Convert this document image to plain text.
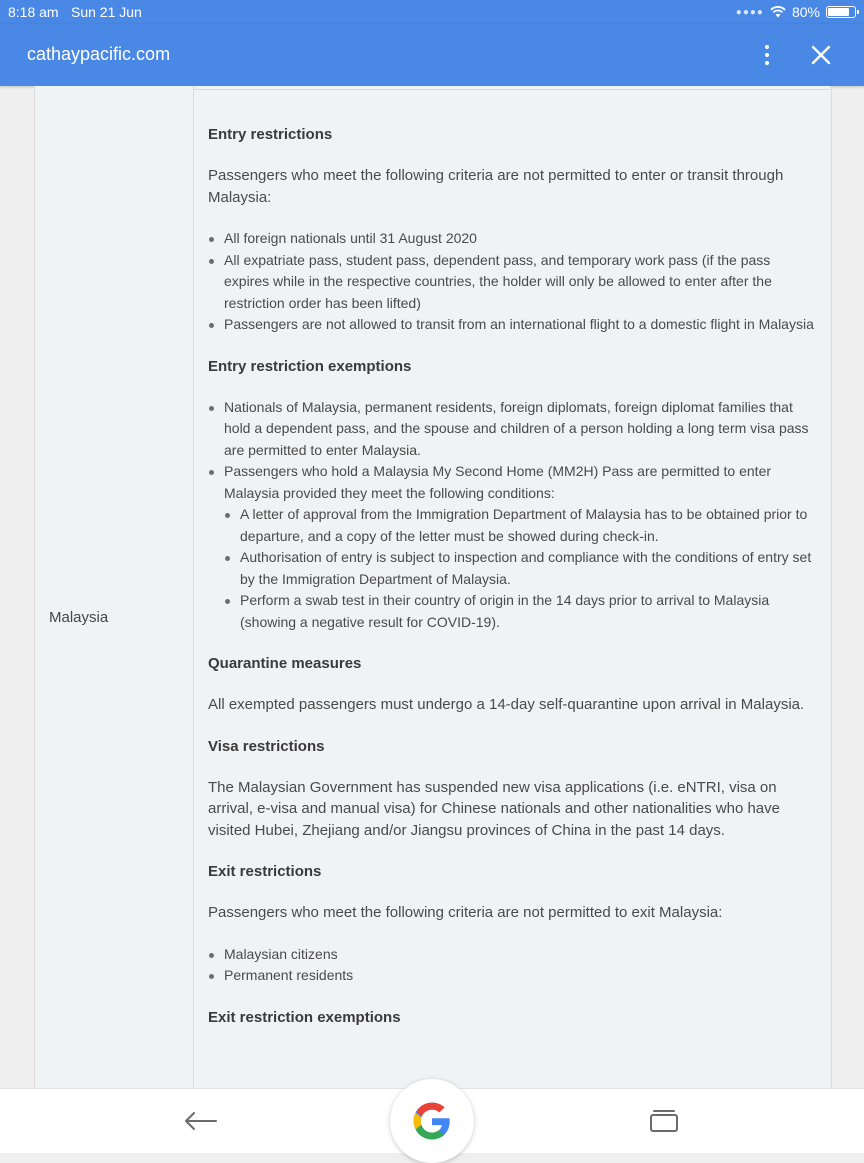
8:18 am Sun 21 Jun	●●●● 80%
cathaypacific.com
Malaysia
Entry restrictions

Passengers who meet the following criteria are not permitted to enter or transit through Malaysia:

All foreign nationals until 31 August 2020
All expatriate pass, student pass, dependent pass, and temporary work pass (if the pass expires while in the respective countries, the holder will only be allowed to enter after the restriction order has been lifted)
Passengers are not allowed to transit from an international flight to a domestic flight in Malaysia
Entry restriction exemptions
Nationals of Malaysia, permanent residents, foreign diplomats, foreign diplomat families that hold a dependent pass, and the spouse and children of a person holding a long term visa pass are permitted to enter Malaysia.
Passengers who hold a Malaysia My Second Home (MM2H) Pass are permitted to enter Malaysia provided they meet the following conditions:
A letter of approval from the Immigration Department of Malaysia has to be obtained prior to departure, and a copy of the letter must be showed during check-in.
Authorisation of entry is subject to inspection and compliance with the conditions of entry set by the Immigration Department of Malaysia.
Perform a swab test in their country of origin in the 14 days prior to arrival to Malaysia (showing a negative result for COVID-19).
Quarantine measures

All exempted passengers must undergo a 14-day self-quarantine upon arrival in Malaysia.

Visa restrictions

The Malaysian Government has suspended new visa applications (i.e. eNTRI, visa on arrival, e-visa and manual visa) for Chinese nationals and other nationalities who have visited Hubei, Zhejiang and/or Jiangsu provinces of China in the past 14 days.

Exit restrictions

Passengers who meet the following criteria are not permitted to exit Malaysia:

Malaysian citizens
Permanent residents
Exit restriction exemptions
